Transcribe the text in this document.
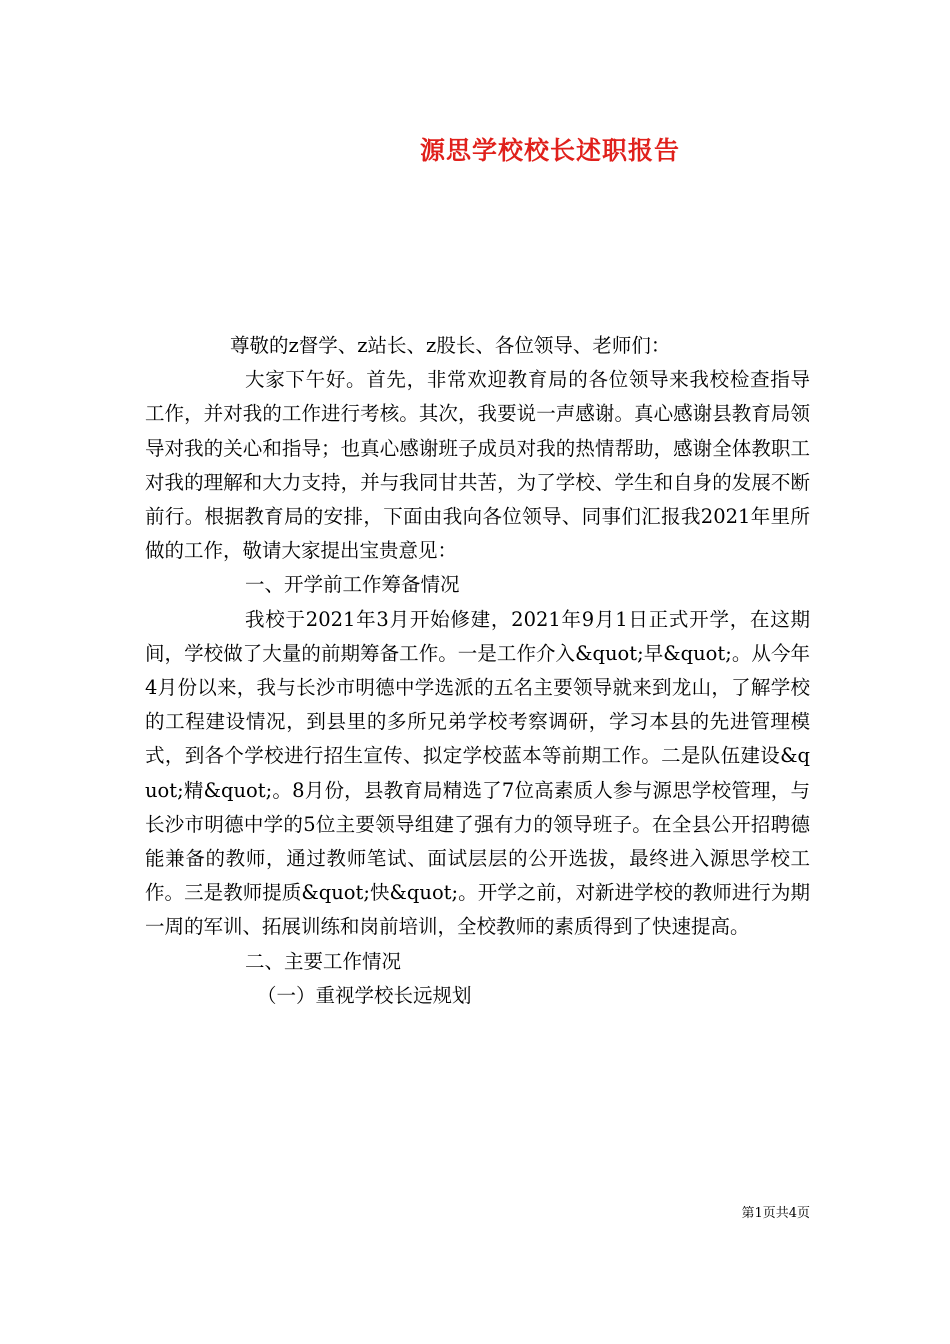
源思学校校长述职报告

尊敬的z督学、z站长、z股长、各位领导、老师们：

大家下午好。首先，非常欢迎教育局的各位领导来我校检查指导工作，并对我的工作进行考核。其次，我要说一声感谢。真心感谢县教育局领导对我的关心和指导；也真心感谢班子成员对我的热情帮助，感谢全体教职工对我的理解和大力支持，并与我同甘共苦，为了学校、学生和自身的发展不断前行。根据教育局的安排，下面由我向各位领导、同事们汇报我2021年里所做的工作，敬请大家提出宝贵意见：

一、开学前工作筹备情况

我校于2021年3月开始修建，2021年9月1日正式开学，在这期间，学校做了大量的前期筹备工作。一是工作介入&quot;早&quot;。从今年4月份以来，我与长沙市明德中学选派的五名主要领导就来到龙山，了解学校的工程建设情况，到县里的多所兄弟学校考察调研，学习本县的先进管理模式，到各个学校进行招生宣传、拟定学校蓝本等前期工作。二是队伍建设&quot;精&quot;。8月份，县教育局精选了7位高素质人参与源思学校管理，与长沙市明德中学的5位主要领导组建了强有力的领导班子。在全县公开招聘德能兼备的教师，通过教师笔试、面试层层的公开选拔，最终进入源思学校工作。三是教师提质&quot;快&quot;。开学之前，对新进学校的教师进行为期一周的军训、拓展训练和岗前培训，全校教师的素质得到了快速提高。

二、主要工作情况

（一）重视学校长远规划

第1页共4页
